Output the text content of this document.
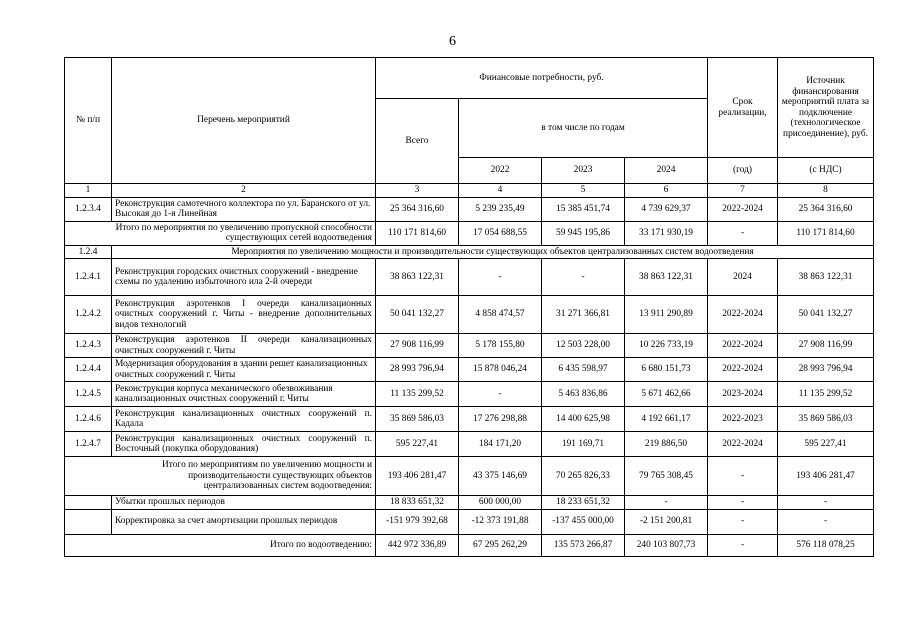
6
№ п/п	Перечень мероприятий	Финансовые потребности, руб.				Срок реализации,	Источник финансирования мероприятий плата за подключение (технологическое присоединение), руб.
		Всего	в том числе по годам				

			2022	2023	2024	(год)	(с НДС)
1	2	3	4	5	6	7	8
1.2.3.4	Реконструкция самотечного коллектора по ул. Баранского от ул. Высокая до 1-я Линейная	25 364 316,60	5 239 235,49	15 385 451,74	4 739 629,37	2022-2024	25 364 316,60
Итого по мероприятия по увеличению пропускной способности существующих сетей водоотведения		110 171 814,60	17 054 688,55	59 945 195,86	33 171 930,19	-	110 171 814,60
1.2.4	Мероприятия по увеличению мощности и производительности существующих объектов централизованных систем водоотведения						
1.2.4.1	Реконструкция городских очистных сооружений - внедрение схемы по удалению избыточного ила 2-й очереди	38 863 122,31	-	-	38 863 122,31	2024	38 863 122,31
1.2.4.2	Реконструкция аэротенков I очереди канализационных очистных сооружений г. Читы - внедрение дополнительных видов технологий	50 041 132,27	4 858 474,57	31 271 366,81	13 911 290,89	2022-2024	50 041 132,27
1.2.4.3	Реконструкция аэротенков II очереди канализационных очистных сооружений г. Читы	27 908 116,99	5 178 155,80	12 503 228,00	10 226 733,19	2022-2024	27 908 116,99
1.2.4.4	Модернизация оборудования в здании решет канализационных очистных сооружений г. Читы	28 993 796,94	15 878 046,24	6 435 598,97	6 680 151,73	2022-2024	28 993 796,94
1.2.4.5	Реконструкция корпуса механического обезвоживания канализационных очистных сооружений г. Читы	11 135 299,52	-	5 463 836,86	5 671 462,66	2023-2024	11 135 299,52
1.2.4.6	Реконструкция канализационных очистных сооружений п. Кадала	35 869 586,03	17 276 298,88	14 400 625,98	4 192 661,17	2022-2023	35 869 586,03
1.2.4.7	Реконструкция канализационных очистных сооружений п. Восточный (покупка оборудования)	595 227,41	184 171,20	191 169,71	219 886,50	2022-2024	595 227,41
	Итого по мероприятиям по увеличению мощности и производительности существующих объектов централизованных систем водоотведения:	193 406 281,47	43 375 146,69	70 265 826,33	79 765 308,45	-	193 406 281,47
	Убытки прошлых периодов	18 833 651,32	600 000,00	18 233 651,32	-	-	-
	Корректировка за счет амортизации прошлых периодов	-151 979 392,68	-12 373 191,88	-137 455 000,00	-2 151 200,81	-	-
Итого по водоотведению:		442 972 336,89	67 295 262,29	135 573 266,87	240 103 807,73	-	576 118 078,25
